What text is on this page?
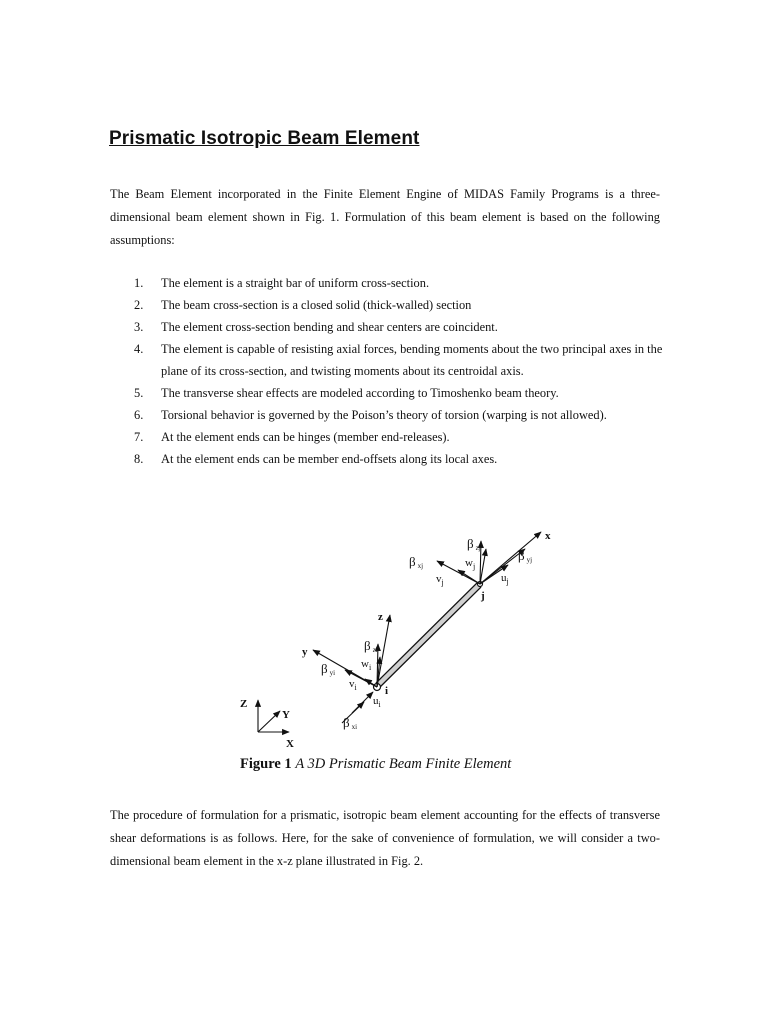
Prismatic Isotropic Beam Element

The Beam Element incorporated in the Finite Element Engine of MIDAS Family Programs is a three-dimensional beam element shown in Fig. 1. Formulation of this beam element is based on the following assumptions:

1. The element is a straight bar of uniform cross-section.
2. The beam cross-section is a closed solid (thick-walled) section
3. The element cross-section bending and shear centers are coincident.
4. The element is capable of resisting axial forces, bending moments about the two principal axes in the plane of its cross-section, and twisting moments about its centroidal axis.
5. The transverse shear effects are modeled according to Timoshenko beam theory.
6. Torsional behavior is governed by the Poison’s theory of torsion (warping is not allowed).
7. At the element ends can be hinges (member end-releases).
8. At the element ends can be member end-offsets along its local axes.
x
βzj
βxj
βyj
$w_j$
$v_j$	$u_j$
j
z
y	βzi
βyi
$w_i$
$v_i$	i
$u_i$
βxi
Z
Y
X
Figure 1 A 3D Prismatic Beam Finite Element

The procedure of formulation for a prismatic, isotropic beam element accounting for the effects of transverse shear deformations is as follows. Here, for the sake of convenience of formulation, we will consider a two-dimensional beam element in the x-z plane illustrated in Fig. 2.
